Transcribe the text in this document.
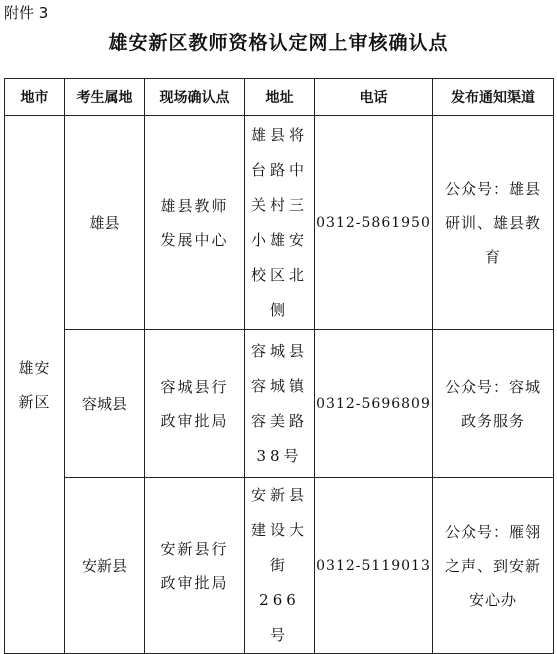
附件 3
雄安新区教师资格认定网上审核确认点
地市	考生属地	现场确认点	地址	电话	发布通知渠道
雄安新区	雄县	雄县教师发展中心	雄县将台路中关村三小雄安校区北侧	0312-5861950	公众号：雄县研训、雄县教育
	容城县	容城县行政审批局	容城县容城镇容美路38号	0312-5696809	公众号：容城政务服务
	安新县	安新县行政审批局	安新县建设大街266号	0312-5119013	公众号：雁翎之声、到安新安心办
